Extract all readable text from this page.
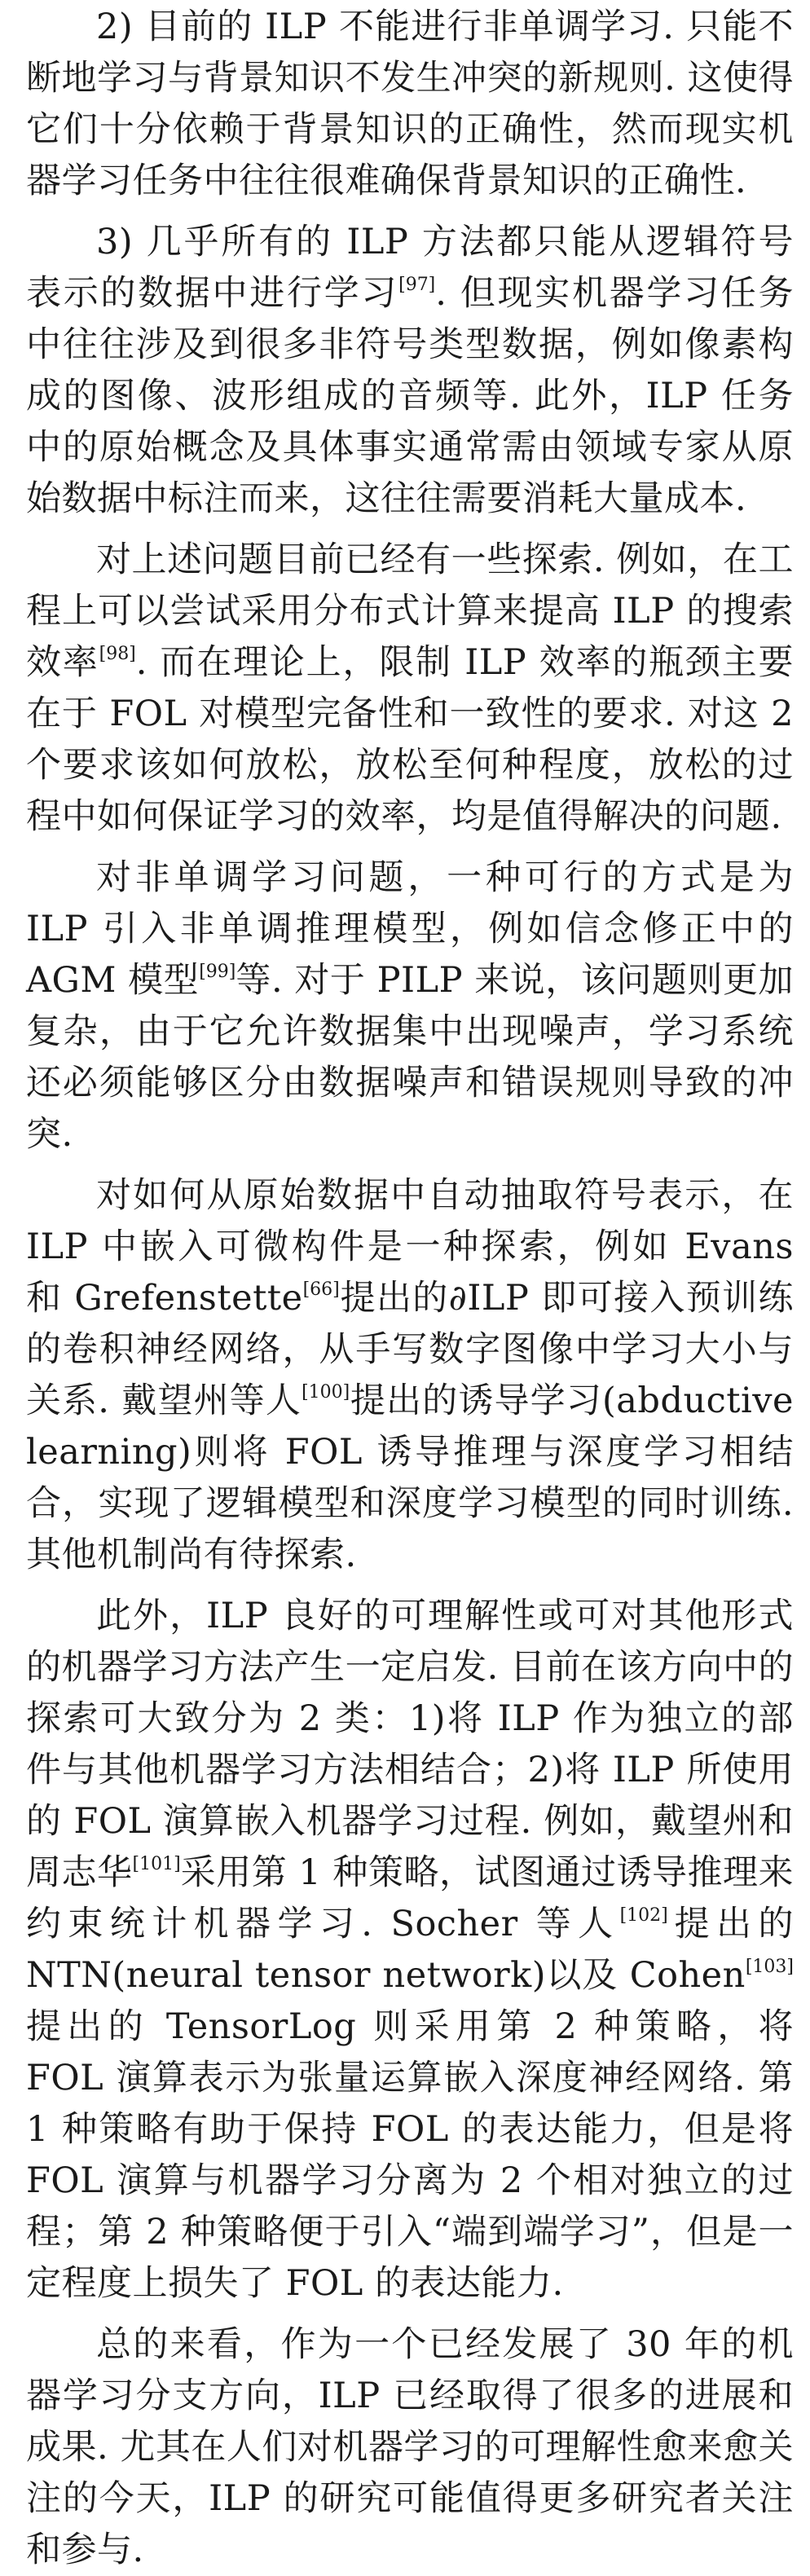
2) 目前的 ILP 不能进行非单调学习. 只能不断地学习与背景知识不发生冲突的新规则. 这使得它们十分依赖于背景知识的正确性，然而现实机器学习任务中往往很难确保背景知识的正确性.

3) 几乎所有的 ILP 方法都只能从逻辑符号表示的数据中进行学习[97]. 但现实机器学习任务中往往涉及到很多非符号类型数据，例如像素构成的图像、波形组成的音频等. 此外，ILP 任务中的原始概念及具体事实通常需由领域专家从原始数据中标注而来，这往往需要消耗大量成本.

对上述问题目前已经有一些探索. 例如，在工程上可以尝试采用分布式计算来提高 ILP 的搜索效率[98]. 而在理论上，限制 ILP 效率的瓶颈主要在于 FOL 对模型完备性和一致性的要求. 对这 2 个要求该如何放松，放松至何种程度，放松的过程中如何保证学习的效率，均是值得解决的问题.

对非单调学习问题，一种可行的方式是为 ILP 引入非单调推理模型，例如信念修正中的 AGM 模型[99]等. 对于 PILP 来说，该问题则更加复杂，由于它允许数据集中出现噪声，学习系统还必须能够区分由数据噪声和错误规则导致的冲突.

对如何从原始数据中自动抽取符号表示，在 ILP 中嵌入可微构件是一种探索，例如 Evans 和 Grefenstette[66]提出的∂ILP 即可接入预训练的卷积神经网络，从手写数字图像中学习大小与关系. 戴望州等人[100]提出的诱导学习(abductive learning)则将 FOL 诱导推理与深度学习相结合，实现了逻辑模型和深度学习模型的同时训练. 其他机制尚有待探索.

此外，ILP 良好的可理解性或可对其他形式的机器学习方法产生一定启发. 目前在该方向中的探索可大致分为 2 类：1)将 ILP 作为独立的部件与其他机器学习方法相结合；2)将 ILP 所使用的 FOL 演算嵌入机器学习过程. 例如，戴望州和周志华[101]采用第 1 种策略，试图通过诱导推理来约束统计机器学习. Socher 等人[102]提出的 NTN(neural tensor network)以及 Cohen[103]提出的 TensorLog 则采用第 2 种策略，将 FOL 演算表示为张量运算嵌入深度神经网络. 第 1 种策略有助于保持 FOL 的表达能力，但是将 FOL 演算与机器学习分离为 2 个相对独立的过程；第 2 种策略便于引入“端到端学习”，但是一定程度上损失了 FOL 的表达能力.

总的来看，作为一个已经发展了 30 年的机器学习分支方向，ILP 已经取得了很多的进展和成果. 尤其在人们对机器学习的可理解性愈来愈关注的今天，ILP 的研究可能值得更多研究者关注和参与.
